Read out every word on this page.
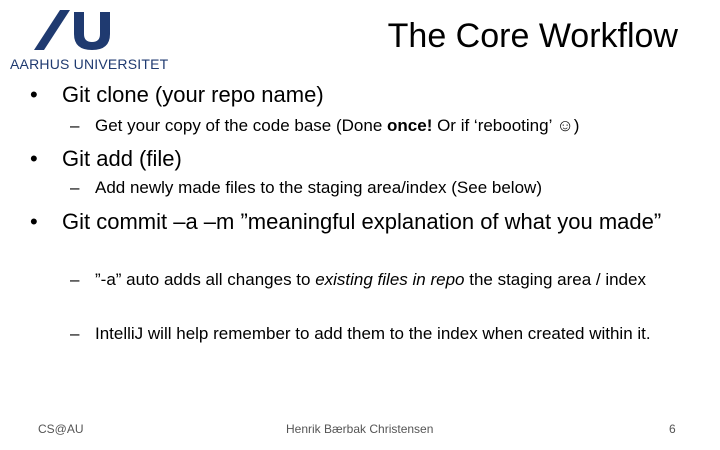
AARHUS UNIVERSITET
The Core Workflow
•	Git clone (your repo name)
– Get your copy of the code base (Done once! Or if ‘rebooting’ ☺)
•	Git add (file)
– Add newly made files to the staging area/index (See below)
•	Git commit –a –m ”meaningful explanation of what you made”
– ”-a” auto adds all changes to existing files in repo the staging area / index
– IntelliJ will help remember to add them to the index when created within it.
CS@AU	Henrik Bærbak Christensen	6
